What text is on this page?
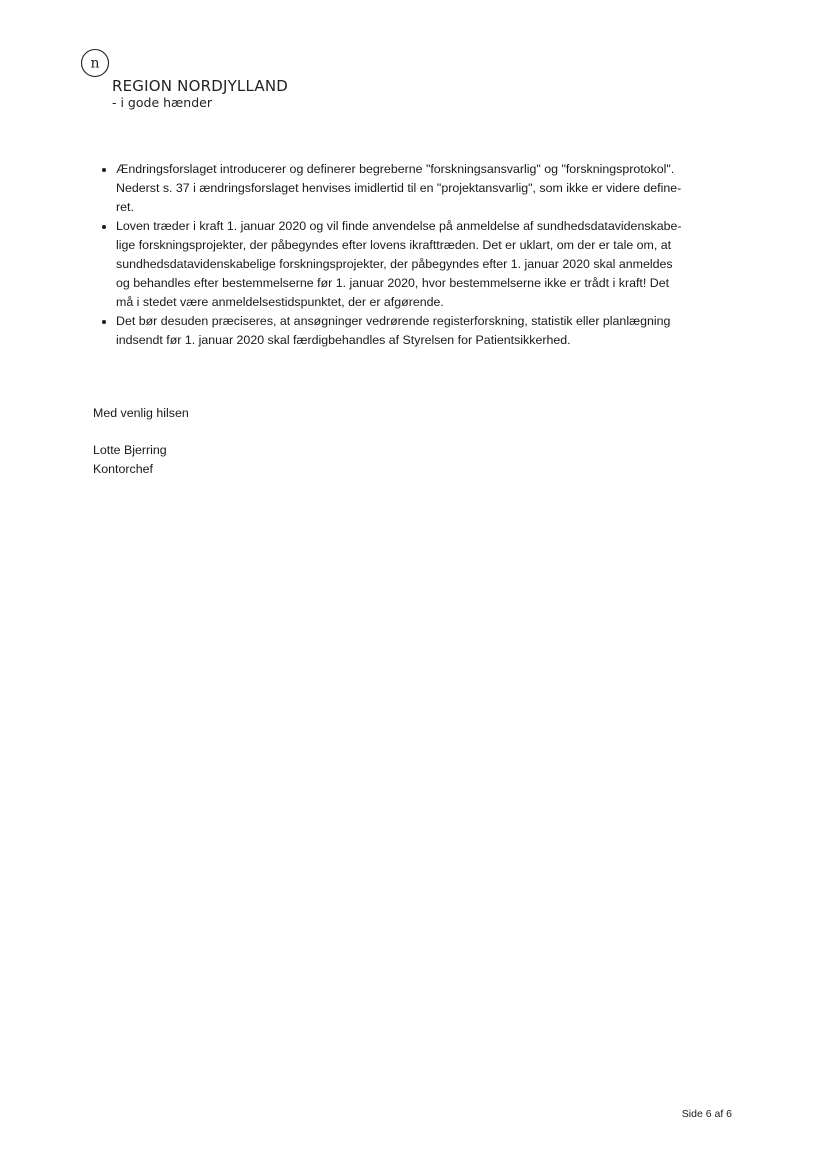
n
REGION NORDJYLLAND
- i gode hænder
Ændringsforslaget introducerer og definerer begreberne "forskningsansvarlig" og "forskningsprotokol".
Nederst s. 37 i ændringsforslaget henvises imidlertid til en "projektansvarlig", som ikke er videre define-
ret.
Loven træder i kraft 1. januar 2020 og vil finde anvendelse på anmeldelse af sundhedsdatavidenskabe-
lige forskningsprojekter, der påbegyndes efter lovens ikrafttræden. Det er uklart, om der er tale om, at
sundhedsdatavidenskabelige forskningsprojekter, der påbegyndes efter 1. januar 2020 skal anmeldes
og behandles efter bestemmelserne før 1. januar 2020, hvor bestemmelserne ikke er trådt i kraft! Det
må i stedet være anmeldelsestidspunktet, der er afgørende.
Det bør desuden præciseres, at ansøgninger vedrørende registerforskning, statistik eller planlægning
indsendt før 1. januar 2020 skal færdigbehandles af Styrelsen for Patientsikkerhed.
Med venlig hilsen
Lotte Bjerring
Kontorchef
Side 6 af 6
